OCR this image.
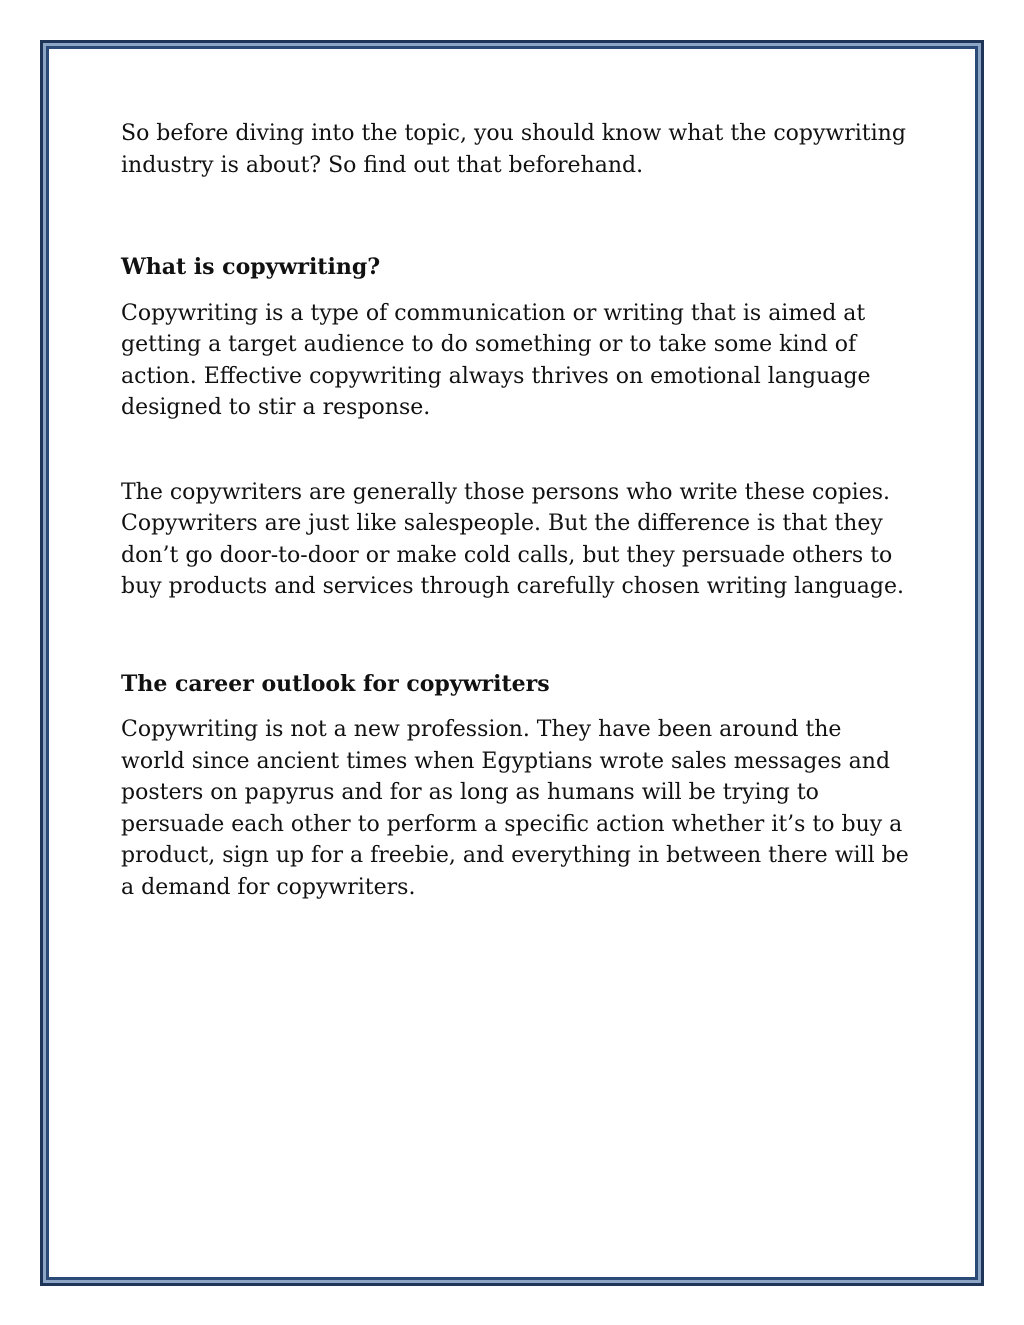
So before diving into the topic, you should know what the copywriting industry is about? So find out that beforehand.

What is copywriting?

Copywriting is a type of communication or writing that is aimed at getting a target audience to do something or to take some kind of action. Effective copywriting always thrives on emotional language designed to stir a response.

The copywriters are generally those persons who write these copies. Copywriters are just like salespeople. But the difference is that they don’t go door-to-door or make cold calls, but they persuade others to buy products and services through carefully chosen writing language.

The career outlook for copywriters

Copywriting is not a new profession. They have been around the world since ancient times when Egyptians wrote sales messages and posters on papyrus and for as long as humans will be trying to persuade each other to perform a specific action whether it’s to buy a product, sign up for a freebie, and everything in between there will be a demand for copywriters.
